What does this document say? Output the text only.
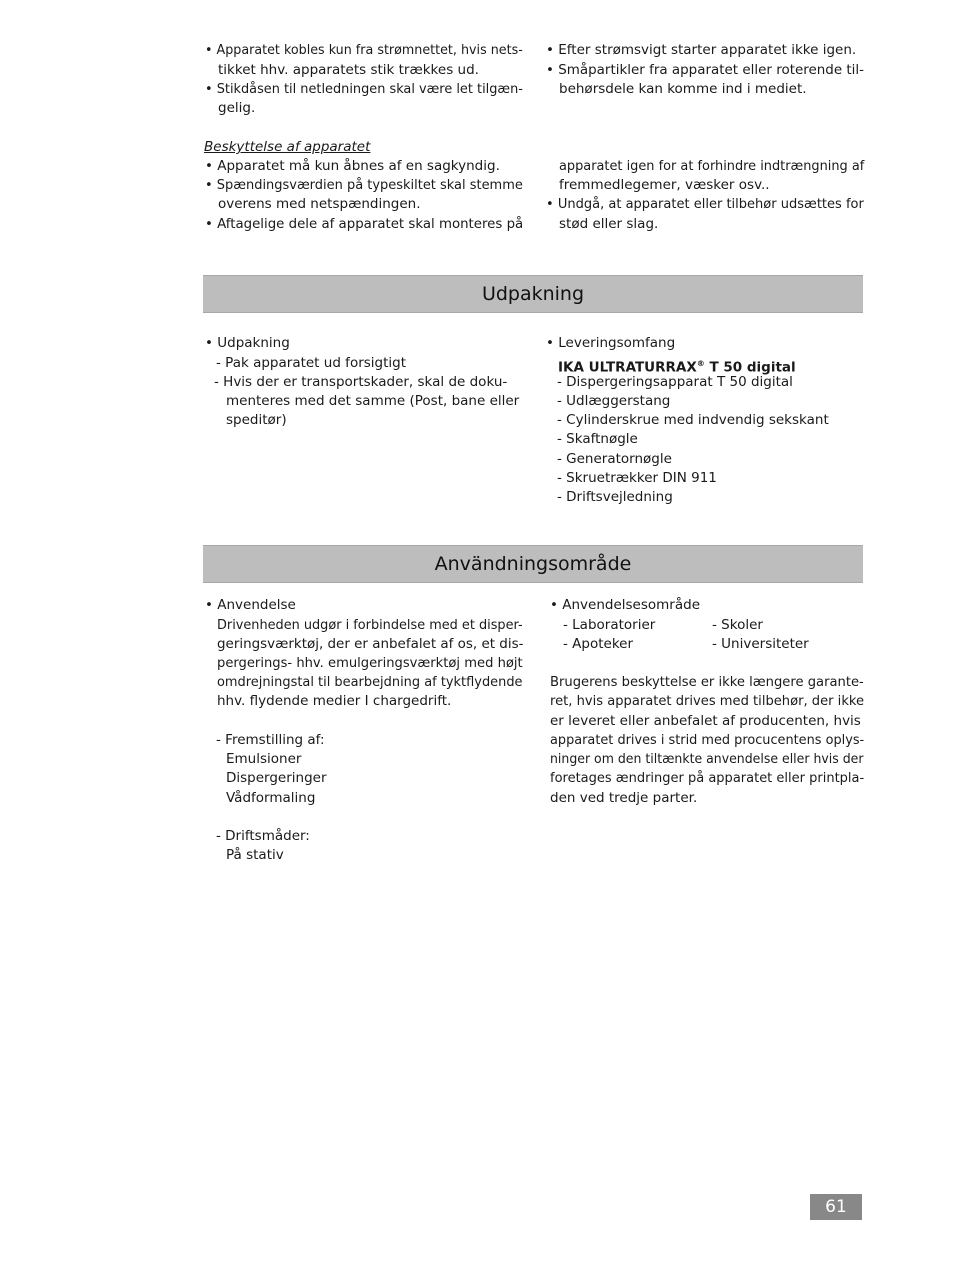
• Apparatet kobles kun fra strømnettet, hvis nets-
tikket hhv. apparatets stik trækkes ud.
• Stikdåsen til netledningen skal være let tilgæn-
gelig.
• Efter strømsvigt starter apparatet ikke igen.
• Småpartikler fra apparatet eller roterende til-
behørsdele kan komme ind i mediet.
Beskyttelse af apparatet
• Apparatet må kun åbnes af en sagkyndig.
• Spændingsværdien på typeskiltet skal stemme
overens med netspændingen.
• Aftagelige dele af apparatet skal monteres på
apparatet igen for at forhindre indtrængning af
fremmedlegemer, væsker osv..
• Undgå, at apparatet eller tilbehør udsættes for
stød eller slag.
Udpakning
• Udpakning
- Pak apparatet ud forsigtigt
- Hvis der er transportskader, skal de doku-
menteres med det samme (Post, bane eller
speditør)
• Leveringsomfang
IKA ULTRATURRAX® T 50 digital
- Dispergeringsapparat T 50 digital
- Udlæggerstang
- Cylinderskrue med indvendig sekskant
- Skaftnøgle
- Generatornøgle
- Skruetrækker DIN 911
- Driftsvejledning
Användningsområde
• Anvendelse
Drivenheden udgør i forbindelse med et disper-
geringsværktøj, der er anbefalet af os, et dis-
pergerings- hhv. emulgeringsværktøj med højt
omdrejningstal til bearbejdning af tyktflydende
hhv. flydende medier I chargedrift.
- Fremstilling af:
Emulsioner
Dispergeringer
Vådformaling
- Driftsmåder:
På stativ
• Anvendelsesområde
- Laboratorier	- Skoler
- Apoteker	- Universiteter
Brugerens beskyttelse er ikke længere garante-
ret, hvis apparatet drives med tilbehør, der ikke
er leveret eller anbefalet af producenten, hvis
apparatet drives i strid med procucentens oplys-
ninger om den tiltænkte anvendelse eller hvis der
foretages ændringer på apparatet eller printpla-
den ved tredje parter.
61
